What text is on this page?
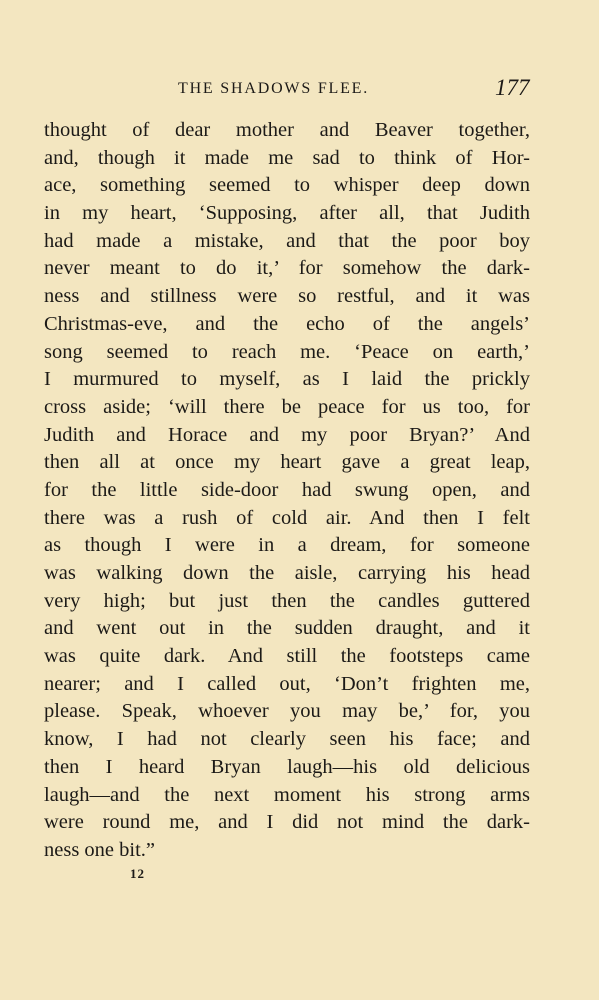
THE SHADOWS FLEE.	177
thought of dear mother and Beaver together,
and, though it made me sad to think of Hor-
ace, something seemed to whisper deep down
in my heart, ‘Supposing, after all, that Judith
had made a mistake, and that the poor boy
never meant to do it,’ for somehow the dark-
ness and stillness were so restful, and it was
Christmas-eve, and the echo of the angels’
song seemed to reach me. ‘Peace on earth,’
I murmured to myself, as I laid the prickly
cross aside; ‘will there be peace for us too, for
Judith and Horace and my poor Bryan?’ And
then all at once my heart gave a great leap,
for the little side-door had swung open, and
there was a rush of cold air. And then I felt
as though I were in a dream, for someone
was walking down the aisle, carrying his head
very high; but just then the candles guttered
and went out in the sudden draught, and it
was quite dark. And still the footsteps came
nearer; and I called out, ‘Don’t frighten me,
please. Speak, whoever you may be,’ for, you
know, I had not clearly seen his face; and
then I heard Bryan laugh—his old delicious
laugh—and the next moment his strong arms
were round me, and I did not mind the dark-
ness one bit.”
12
